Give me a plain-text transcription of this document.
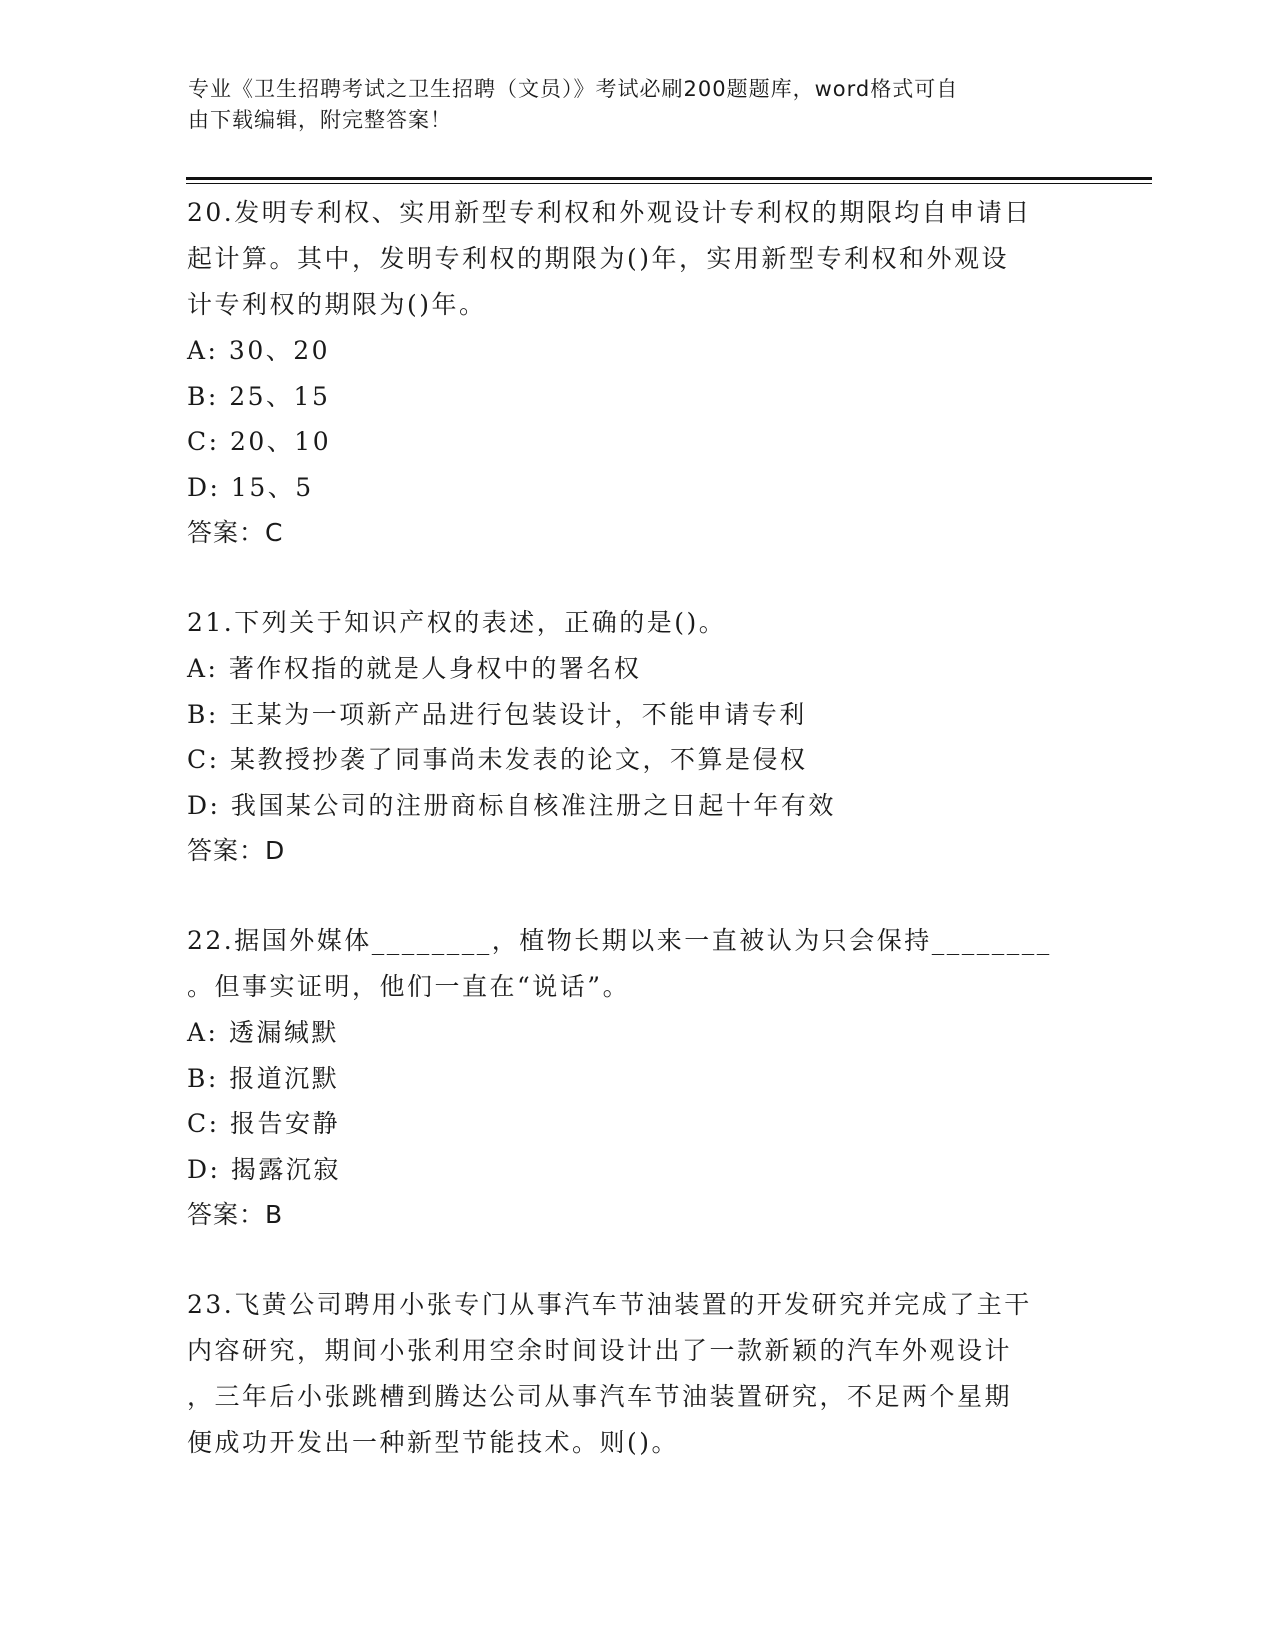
专业《卫生招聘考试之卫生招聘（文员）》考试必刷200题题库，word格式可自
由下载编辑，附完整答案！
20.发明专利权、实用新型专利权和外观设计专利权的期限均自申请日
起计算。其中，发明专利权的期限为()年，实用新型专利权和外观设
计专利权的期限为()年。
A: 30、20
B: 25、15
C: 20、10
D: 15、5
答案：C
21.下列关于知识产权的表述，正确的是()。
A: 著作权指的就是人身权中的署名权
B: 王某为一项新产品进行包装设计，不能申请专利
C: 某教授抄袭了同事尚未发表的论文，不算是侵权
D: 我国某公司的注册商标自核准注册之日起十年有效
答案：D
22.据国外媒体________，植物长期以来一直被认为只会保持________
。但事实证明，他们一直在“说话”。
A: 透漏缄默
B: 报道沉默
C: 报告安静
D: 揭露沉寂
答案：B
23.飞黄公司聘用小张专门从事汽车节油装置的开发研究并完成了主干
内容研究，期间小张利用空余时间设计出了一款新颖的汽车外观设计
，三年后小张跳槽到腾达公司从事汽车节油装置研究，不足两个星期
便成功开发出一种新型节能技术。则()。
